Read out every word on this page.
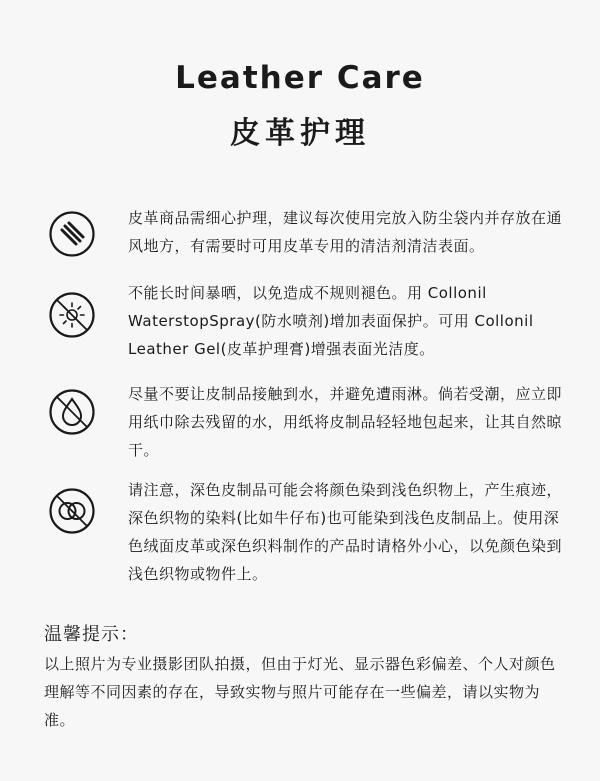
Leather Care
皮革护理
皮革商品需细心护理，建议每次使用完放入防尘袋内并存放在通风地方，有需要时可用皮革专用的清洁剂清洁表面。
不能长时间暴晒，以免造成不规则褪色。用 Collonil WaterstopSpray(防水喷剂)增加表面保护。可用 Collonil Leather Gel(皮革护理膏)增强表面光洁度。
尽量不要让皮制品接触到水，并避免遭雨淋。倘若受潮，应立即用纸巾除去残留的水，用纸将皮制品轻轻地包起来，让其自然晾干。
请注意，深色皮制品可能会将颜色染到浅色织物上，产生痕迹，深色织物的染料(比如牛仔布)也可能染到浅色皮制品上。使用深色绒面皮革或深色织料制作的产品时请格外小心，以免颜色染到浅色织物或物件上。
温馨提示：
以上照片为专业摄影团队拍摄，但由于灯光、显示器色彩偏差、个人对颜色理解等不同因素的存在，导致实物与照片可能存在一些偏差，请以实物为准。
